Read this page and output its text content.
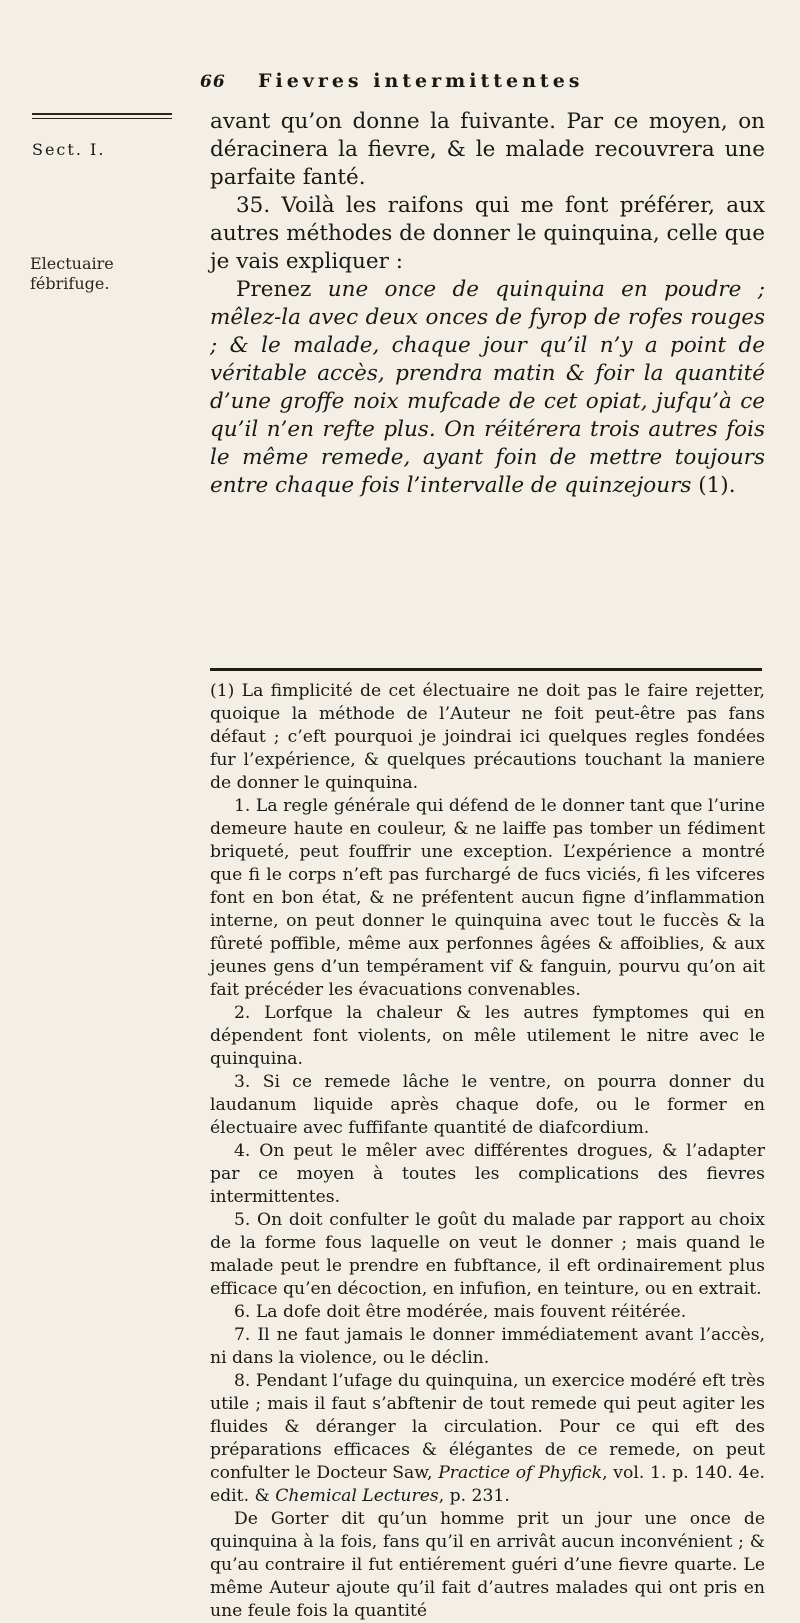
66 Fievres intermittentes
Sect. I.
Electuaire
fébrifuge.

avant qu’on donne la fuivante. Par ce moyen, on déracinera la fievre, & le malade recouvrera une parfaite fanté.

35. Voilà les raifons qui me font préférer, aux autres méthodes de donner le quinquina, celle que je vais expliquer :

Prenez une once de quinquina en poudre ; mêlez-la avec deux onces de fyrop de rofes rouges ; & le malade, chaque jour qu’il n’y a point de véritable accès, prendra matin & foir la quantité d’une groffe noix mufcade de cet opiat, jufqu’à ce qu’il n’en refte plus. On réitérera trois autres fois le même remede, ayant foin de mettre toujours entre chaque fois l’intervalle de quinzejours (1).

(1) La fimplicité de cet électuaire ne doit pas le faire rejetter, quoique la méthode de l’Auteur ne foit peut-être pas fans défaut ; c’eft pourquoi je joindrai ici quelques regles fondées fur l’expérience, & quelques précautions touchant la maniere de donner le quinquina.

1. La regle générale qui défend de le donner tant que l’urine demeure haute en couleur, & ne laiffe pas tomber un fédiment briqueté, peut fouffrir une exception. L’expérience a montré que fi le corps n’eft pas furchargé de fucs viciés, fi les vifceres font en bon état, & ne préfentent aucun figne d’inflammation interne, on peut donner le quinquina avec tout le fuccès & la fûreté poffible, même aux perfonnes âgées & affoiblies, & aux jeunes gens d’un tempérament vif & fanguin, pourvu qu’on ait fait précéder les évacuations convenables.

2. Lorfque la chaleur & les autres fymptomes qui en dépendent font violents, on mêle utilement le nitre avec le quinquina.

3. Si ce remede lâche le ventre, on pourra donner du laudanum liquide après chaque dofe, ou le former en électuaire avec fuffifante quantité de diafcordium.

4. On peut le mêler avec différentes drogues, & l’adapter par ce moyen à toutes les complications des fievres intermittentes.

5. On doit confulter le goût du malade par rapport au choix de la forme fous laquelle on veut le donner ; mais quand le malade peut le prendre en fubftance, il eft ordinairement plus efficace qu’en décoction, en infufion, en teinture, ou en extrait.

6. La dofe doit être modérée, mais fouvent réitérée.

7. Il ne faut jamais le donner immédiatement avant l’accès, ni dans la violence, ou le déclin.

8. Pendant l’ufage du quinquina, un exercice modéré eft très utile ; mais il faut s’abftenir de tout remede qui peut agiter les fluides & déranger la circulation. Pour ce qui eft des préparations efficaces & élégantes de ce remede, on peut confulter le Docteur Saw, Practice of Phyfick, vol. 1. p. 140. 4e. edit. & Chemical Lectures, p. 231.

De Gorter dit qu’un homme prit un jour une once de quinquina à la fois, fans qu’il en arrivât aucun inconvénient ; & qu’au contraire il fut entiérement guéri d’une fievre quarte. Le même Auteur ajoute qu’il fait d’autres malades qui ont pris en une feule fois la quantité
